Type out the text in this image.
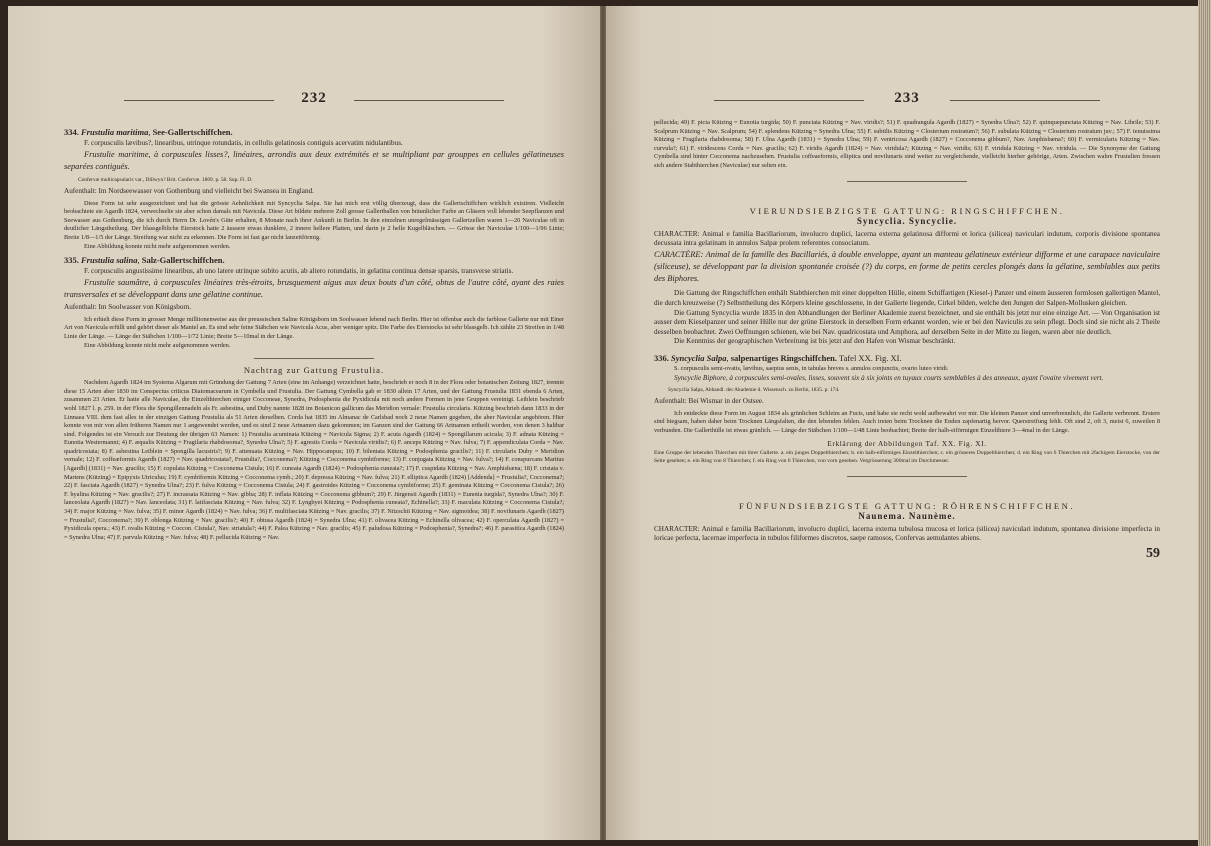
232
334. Frustulia maritima, See-Gallertschiffchen.

F. corpusculis lævibus?, linearibus, utrinque rotundatis, in cellulis gelatinosis contiguis acervatim nidulantibus.

Frustulie maritime, à corpuscules lisses?, linéaires, arrondis aux deux extrémités et se multipliant par grouppes en cellules gélatineuses separées contiguës.

Confervæ multicapsularis var., Dillwyn? Brit. Confervæ. 1809. p. 58. Sup. Fl. D.

Aufenthalt: Im Nordseewasser von Gothenburg und vielleicht bei Swansea in England.

Diese Form ist sehr ausgezeichnet und hat die grösste Aehnlichkeit mit Syncyclia Salpa. Sie hat mich erst völlig überzeugt, dass die Gallertschiffchen wirklich existiren. Vielleicht beobachtete sie Agardh 1824, verwechselte sie aber schon damals mit Navicula. Diese Art bildete mehrere Zoll grosse Gallertballen von bräunlicher Farbe an Gläsern voll lebender Seepflanzen und Seewasser aus Gothenburg, die ich durch Herrn Dr. Lovén's Güte erhalten, 8 Monate nach ihrer Ankunft in Berlin. In den einzelnen unregelmässigen Gallertzellen waren 1—20 Naviculae oft in deutlicher Längstheilung. Der blassgelbliche Eierstock hatte 2 äussere etwas dunklere, 2 innere hellere Platten, und darin je 2 helle Kugelbläschen. — Grösse der Naviculae 1/100—1/96 Linie; Breite 1/8—1/5 der Länge. Streifung war nicht zu erkennen. Die Form ist fast gar nicht lanzettförmig.

Eine Abbildung konnte nicht mehr aufgenommen werden.

335. Frustulia salina, Salz-Gallertschiffchen.

F. corpusculis angustissime linearibus, ab uno latere utrinque subito acutis, ab altero rotundatis, in gelatina continua densæ sparsis, transverse striatis.

Frustulie saumâtre, à corpuscules linéaires très-étroits, brusquement aigus aux deux bouts d'un côté, obtus de l'autre côté, ayant des raies transversales et se développant dans une gélatine continue.

Aufenthalt: Im Soolwasser von Königsborn.

Ich erhielt diese Form in grosser Menge milliionenweise aus der preussischen Saline Königsborn im Soolwasser lebend nach Berlin. Hier ist offenbar auch die farblose Gallerte nur mit Einer Art von Navicula erfüllt und gehört dieser als Mantel an. Es sind sehr feine Stäbchen wie Navicula Acus, aber weniger spitz. Die Farbe des Eierstocks ist sehr blassgelb. Ich zählte 23 Streifen in 1/48 Linie der Länge. — Länge der Stäbchen 1/100—1/72 Linie; Breite 5—10mal in der Länge.

Eine Abbildung konnte nicht mehr aufgenommen werden.

Nachtrag zur Gattung Frustulia.

Nachdem Agardh 1824 im Systema Algarum mit Gründung der Gattung 7 Arten (eine im Anhange) verzeichnet hatte, beschrieb er noch 8 in der Flora oder botanischen Zeitung 1827, trennte diese 15 Arten aber 1830 im Conspectus criticus Diatomacearum in Cymbella und Frustulia. Der Gattung Cymbella gab er 1830 allein 17 Arten, und der Gattung Frustulia 1831 ebenda 6 Arten, zusammen 23 Arten. Er hatte alle Naviculae, die Einzelthierchen einiger Cocconeae, Synedra, Podosphenia die Pyxidicula mit noch andere Formen in jene Gruppen vereinigt. Leiblein beschrieb wohl 1827 l. p. 259. in der Flora die Spongillennadeln als Fr. asbestina, und Duby nannte 1828 im Botanicon gallicum das Meridion vernale: Frustulia circularis. Kützing beschrieb dann 1833 in der Linnaea VIII. dem fast alles in der einzigen Gattung Frustulia als 51 Arten derselben. Corda hat 1835 im Almanac de Carlsbad noch 2 neue Namen gegeben, die aber Naviculæ angehören. Hier konnte von mir von allen früheren Namen nur 1 angewendet werden, und es sind 2 neue Artnamen dazu gekommen; im Ganzen sind der Gattung 66 Artnamen ertheilt worden, von denen 3 haltbar sind. Folgendes ist ein Versuch zur Deutung der übrigen 63 Namen: 1) Frustulia acuminata Kützing = Navicula Sigma; 2) F. acuta Agardh (1824) = Spongillarum acicula; 3) F. adnata Kützing = Eunotia Westermanni; 4) F. æqualis Kützing = Fragilaria rhabdosoma?, Synedra Ulna?; 5) F. agrestis Corda = Navicula viridis?; 6) F. anceps Kützing = Nav. fulva; 7) F. appendiculata Corda = Nav. quadricostata; 8) F. asbestina Leiblein = Spongilla lacustris?; 9) F. attenuata Kützing = Nav. Hippocampus; 10) F. bilentata Kützing = Podosphenia gracilis?; 11) F. circularis Duby = Meridion vernale; 12) F. coffeæformis Agardh (1827) = Nav. quadricostata?, Frustulia?, Cocconema?; Kützing = Cocconema cymbiforme; 13) F. conjugata Kützing = Nav. fulva?; 14) F. conspurcans Martius [Agardh] (1831) = Nav. gracilis; 15) F. copulata Kützing = Cocconema Cistula; 16) F. cuneata Agardh (1824) = Podosphenia cuneata?; 17) F. cuspidata Kützing = Nav. Amphisbæna; 18) F. cristata v. Martens (Kützing) = Epipyxis Utriculus; 19) F. cymbiformis Kützing = Cocconema cymb.; 20) F. depressa Kützing = Nav. fulva; 21) F. elliptica Agardh (1824) [Addenda] = Frustulia?, Cocconema?; 22) F. fasciata Agardh (1827) = Synedra Ulna?; 23) F. fulva Kützing = Cocconema Cistula; 24) F. gastroides Kützing = Cocconema cymbiforme; 25) F. geminata Kützing = Cocconema Cistula?; 26) F. hyalina Kützing = Nav. gracilis?; 27) F. incrassata Kützing = Nav. gibba; 28) F. inflata Kützing = Cocconema gibbum?; 29) F. Jürgensii Agardh (1831) = Eunotia turgida?, Synedra Ulna?; 30) F. lanceolata Agardh (1827) = Nav. lanceolata; 31) F. latifasciata Kützing = Nav. fulva; 32) F. Lyngbyei Kützing = Podosphenia cuneata?, Echinella?; 33) F. maculata Kützing = Cocconema Cistula?; 34) F. major Kützing = Nav. fulva; 35) F. minor Agardh (1824) = Nav. fulva; 36) F. multifasciata Kützing = Nav. gracilis; 37) F. Nitzschii Kützing = Nav. sigmoidea; 38) F. novilunaris Agardh (1827) = Frustulia?, Cocconema?; 39) F. oblonga Kützing = Nav. gracilis?; 40) F. obtusa Agardh (1824) = Synedra Ulna; 41) F. olivacea Kützing = Echinella olivacea; 42) F. operculata Agardh (1827) = Pyxidicula opera.; 43) F. ovalis Kützing = Coccon. Cistula?, Nav. striatula?; 44) F. Palea Kützing = Nav. gracilis; 45) F. paludosa Kützing = Podosphenia?, Synedra?; 46) F. parasitica Agardh (1824) = Synedra Ulna; 47) F. parvula Kützing = Nav. fulva; 48) F. pellucida Kützing = Nav.

233

pellucida; 49) F. picta Kützing = Eunotia turgida; 50) F. punctata Kützing = Nav. viridis?; 51) F. quadrangula Agardh (1827) = Synedra Ulna?; 52) F. quinquepunctata Kützing = Nav. Librile; 53) F. Scalprum Kützing = Nav. Scalprum; 54) F. splendens Kützing = Synedra Ulna; 55) F. subtilis Kützing = Closterium rostratum?; 56) F. subulata Kützing = Closterium rostratum juv.; 57) F. tenuissima Kützing = Fragilaria rhabdosoma; 58) F. Ulna Agardh (1831) = Synedra Ulna; 59) F. ventricosa Agardh (1827) = Cocconema gibbum?, Nav. Amphisbæna?; 60) F. vermicularis Kützing = Nav. curvula?; 61) F. viridescens Corda = Nav. gracilis; 62) F. viridis Agardh (1824) = Nav. viridula?; Kützing = Nav. viridis; 63) F. viridula Kützing = Nav. viridula. — Die Synonyme der Gattung Cymbella sind hinter Cocconema nachzusehen. Frustulia coffeaeformis, elliptica und novilunaris sind weiter zu vergleichende, vielleicht hierher gehörige, Arten. Zwischen wahre Frustulien fressen sich andere Stabthierchen (Naviculae) nur selten ein.

VIERUNDSIEBZIGSTE GATTUNG: RINGSCHIFFCHEN.
Syncyclia. Syncyclie.

CHARACTER: Animal e familia Bacillariorum, involucro duplici, lacerna externa gelatinosa difformi et lorica (silicea) naviculari indutum, corporis divisione spontanea decussata intra gelatinam in annulos Salpæ prolem referentes consociatum.

CARACTÈRE: Animal de la famille des Bacillariés, à double enveloppe, ayant un manteau gélatineux extérieur difforme et une carapace naviculaire (siliceuse), se développant par la division spontanée croisée (?) du corps, en forme de petits cercles plongés dans la gélatine, semblables aux petits des Biphores.

Die Gattung der Ringschiffchen enthält Stabthierchen mit einer doppelten Hülle, einem Schiffartigen (Kiesel-) Panzer und einem äusseren formlosen gallertigen Mantel, die durch kreuzweise (?) Selbsttheilung des Körpers kleine geschlossene, in der Gallerte liegende, Cirkel bilden, welche den Jungen der Salpen-Mollusken gleichen.

Die Gattung Syncyclia wurde 1835 in den Abhandlungen der Berliner Akademie zuerst bezeichnet, und sie enthält bis jetzt nur eine einzige Art. — Von Organisation ist ausser dem Kieselpanzer und seiner Hülle nur der grüne Eierstock in derselben Form erkannt worden, wie er bei den Naviculis zu sein pflegt. Doch sind sie nicht als 2 Theile desselben beobachtet. Zwei Oeffnungen schienen, wie bei Nav. quadricostata und Amphora, auf derselben Seite in der Mitte zu liegen, waren aber nie deutlich.

Die Kenntniss der geographischen Verbreitung ist bis jetzt auf den Hafen von Wismar beschränkt.

336. Syncyclia Salpa, salpenartiges Ringschiffchen. Tafel XX. Fig. XI.

S. corpusculis semi-ovatis, lævibus, saepius senis, in tabulas breves s. annulos conjunctis, ovario luteo viridi.

Syncyclie Biphore, à corpuscules semi-ovales, lisses, souvent six à six joints en tuyaux courts semblables à des anneaux, ayant l'ovaire vivement vert.

Syncyclia Salpa, Abhandl. der Akademie d. Wissensch. zu Berlin, 1835. p. 174.

Aufenthalt: Bei Wismar in der Ostsee.

Ich entdeckte diese Form im August 1834 als grünlichen Schleim an Fucis, und habe sie recht wohl aufbewahrt vor mir. Die kleinen Panzer sind unverbrennlich, die Gallerte verbrennt. Erstere sind biegsam, haben daher beim Trocknen Längsfalten, die den lebenden fehlen. Auch treten beim Trocknen die Enden zapfenartig hervor. Querstreifung fehlt. Oft sind 2, oft 3, meist 6, zuweilen 8 verbunden. Die Gallerthülle ist etwas gränlich. — Länge der Stäbchen 1/100—1/48 Linie beobachtet; Breite der halb-eiförmigen Einzelthiere 3—4mal in der Länge.

Erklärung der Abbildungen Taf. XX. Fig. XI.

Eine Gruppe der lebenden Thierchen mit ihrer Gallerte. a. ein junges Doppelthierchen; b. ein halb-eiförmiges Einzelthierchen; c. ein grösseres Doppelthierchen; d. ein Ring von 6 Thierchen mit 2fachigem Eierstocke, von der Seite gesehen; e. ein Ring von 8 Thierchen; f. ein Ring von 6 Thierchen, von vorn gesehen. Vergrösserung 300mal im Durchmesser.

FÜNFUNDSIEBZIGSTE GATTUNG: RÖHRENSCHIFFCHEN.
Naunema. Naunème.

CHARACTER: Animal e familia Bacillariorum, involucro duplici, lacerna externa tubulosa mucosa et lorica (silicea) naviculari indutum, spontanea divisione imperfecta in loricae perfecta, lacernae imperfecta in tubulos filiformes discretos, saepe ramosos, Confervas aemulantes abiens.

59
